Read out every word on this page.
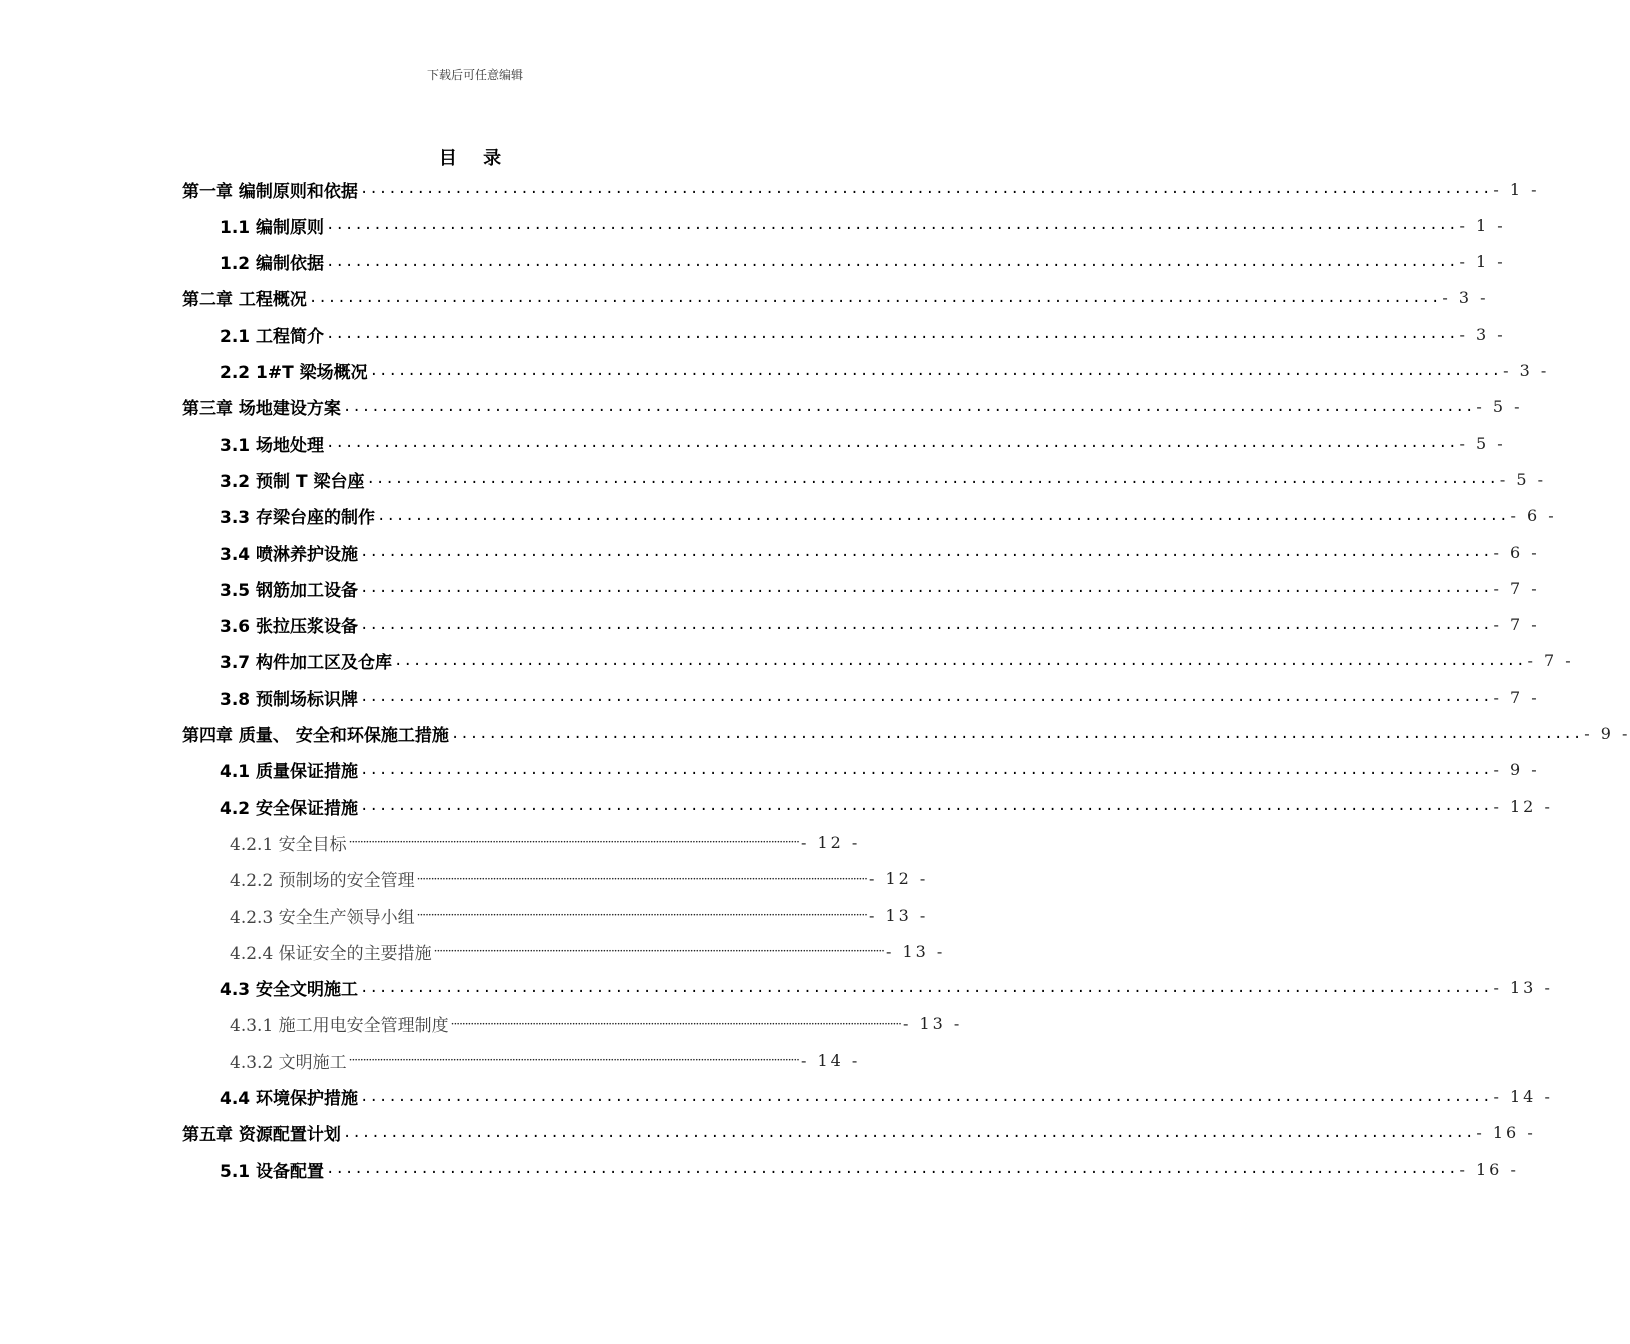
下载后可任意编辑
目 录
第一章 编制原则和依据 ........................................................................................................................ - 1 -
1.1 编制原则 ........................................................................................................................ - 1 -
1.2 编制依据 ........................................................................................................................ - 1 -
第二章 工程概况 ........................................................................................................................ - 3 -
2.1 工程简介 ........................................................................................................................ - 3 -
2.2 1#T 梁场概况 ........................................................................................................................ - 3 -
第三章 场地建设方案 ........................................................................................................................ - 5 -
3.1 场地处理 ........................................................................................................................ - 5 -
3.2 预制 T 梁台座 ........................................................................................................................ - 5 -
3.3 存梁台座的制作 ........................................................................................................................ - 6 -
3.4 喷淋养护设施 ........................................................................................................................ - 6 -
3.5 钢筋加工设备 ........................................................................................................................ - 7 -
3.6 张拉压浆设备 ........................................................................................................................ - 7 -
3.7 构件加工区及仓库 ........................................................................................................................ - 7 -
3.8 预制场标识牌 ........................................................................................................................ - 7 -
第四章 质量、 安全和环保施工措施 ........................................................................................................................ - 9 -
4.1 质量保证措施 ........................................................................................................................ - 9 -
4.2 安全保证措施 ........................................................................................................................ - 12 -
4.2.1 安全目标 ································································································································································ - 12 -
4.2.2 预制场的安全管理 ································································································································································ - 12 -
4.2.3 安全生产领导小组 ································································································································································ - 13 -
4.2.4 保证安全的主要措施 ································································································································································ - 13 -
4.3 安全文明施工 ........................................................................................................................ - 13 -
4.3.1 施工用电安全管理制度 ································································································································································ - 13 -
4.3.2 文明施工 ································································································································································ - 14 -
4.4 环境保护措施 ........................................................................................................................ - 14 -
第五章 资源配置计划 ........................................................................................................................ - 16 -
5.1 设备配置 ........................................................................................................................ - 16 -
